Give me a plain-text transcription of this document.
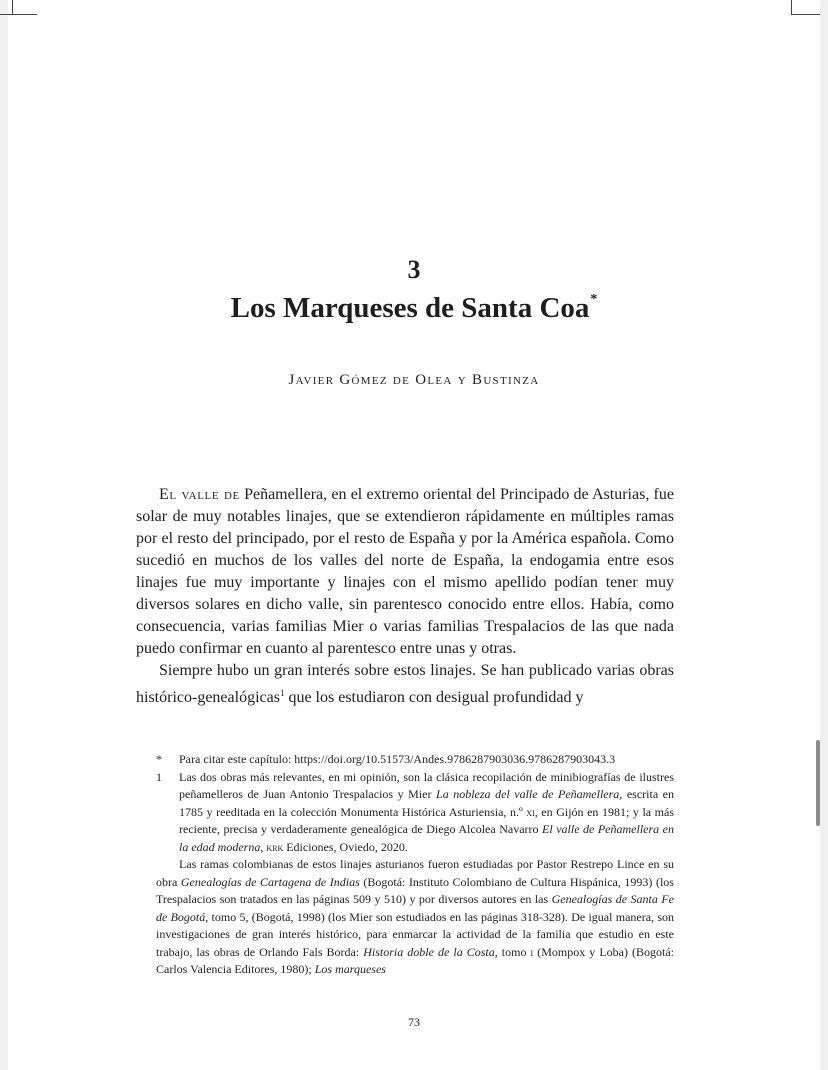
3
Los Marqueses de Santa Coa*
Javier Gómez de Olea y Bustinza

El valle de Peñamellera, en el extremo oriental del Principado de Asturias, fue solar de muy notables linajes, que se extendieron rápidamente en múltiples ramas por el resto del principado, por el resto de España y por la América española. Como sucedió en muchos de los valles del norte de España, la endogamia entre esos linajes fue muy importante y linajes con el mismo apellido podían tener muy diversos solares en dicho valle, sin parentesco conocido entre ellos. Había, como consecuencia, varias familias Mier o varias familias Trespalacios de las que nada puedo confirmar en cuanto al parentesco entre unas y otras.

Siempre hubo un gran interés sobre estos linajes. Se han publicado varias obras histórico-genealógicas$^1$ que los estudiaron con desigual profundidad y

*	Para citar este capítulo: https://doi.org/10.51573/Andes.9786287903036.9786287903043.3
1	Las dos obras más relevantes, en mi opinión, son la clásica recopilación de minibiografías de ilustres peñamelleros de Juan Antonio Trespalacios y Mier La nobleza del valle de Peñamellera, escrita en 1785 y reeditada en la colección Monumenta Histórica Asturiensia, n.º xi, en Gijón en 1981; y la más reciente, precisa y verdaderamente genealógica de Diego Alcolea Navarro El valle de Peñamellera en la edad moderna, krk Ediciones, Oviedo, 2020.

Las ramas colombianas de estos linajes asturianos fueron estudiadas por Pastor Restrepo Lince en su obra Genealogías de Cartagena de Indias (Bogotá: Instituto Colombiano de Cultura Hispánica, 1993) (los Trespalacios son tratados en las páginas 509 y 510) y por diversos autores en las Genealogías de Santa Fe de Bogotá, tomo 5, (Bogotá, 1998) (los Mier son estudiados en las páginas 318-328). De igual manera, son investigaciones de gran interés histórico, para enmarcar la actividad de la familia que estudio en este trabajo, las obras de Orlando Fals Borda: Historia doble de la Costa, tomo i (Mompox y Loba) (Bogotá: Carlos Valencia Editores, 1980); Los marqueses

73
